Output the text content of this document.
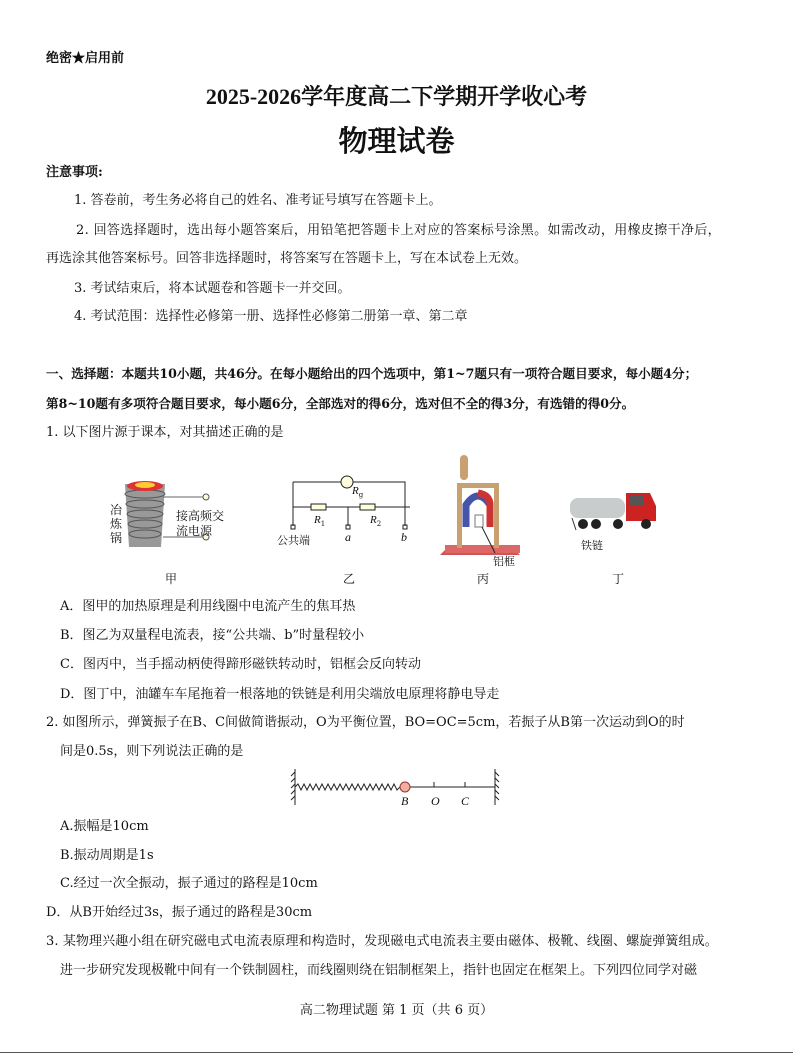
绝密★启用前
2025-2026学年度高二下学期开学收心考
物理试卷
注意事项:
1. 答卷前，考生务必将自己的姓名、准考证号填写在答题卡上。
2. 回答选择题时，选出每小题答案后，用铅笔把答题卡上对应的答案标号涂黑。如需改动，用橡皮擦干净后，
再选涂其他答案标号。回答非选择题时，将答案写在答题卡上，写在本试卷上无效。
3. 考试结束后，将本试题卷和答题卡一并交回。
4. 考试范围：选择性必修第一册、选择性必修第二册第一章、第二章
一、选择题：本题共10小题，共46分。在每小题给出的四个选项中，第1~7题只有一项符合题目要求，每小题4分；
第8~10题有多项符合题目要求，每小题6分，全部选对的得6分，选对但不全的得3分，有选错的得0分。
1. 以下图片源于课本，对其描述正确的是
冶
炼
锅
接高频交
流电源
甲
$R_g$
$R_1$	$R_2$
公共端	a	b
乙
铝框
丙
铁链
丁
A．图甲的加热原理是利用线圈中电流产生的焦耳热
B．图乙为双量程电流表，接“公共端、b”时量程较小
C．图丙中，当手摇动柄使得蹄形磁铁转动时，铝框会反向转动
D．图丁中，油罐车车尾拖着一根落地的铁链是利用尖端放电原理将静电导走
2. 如图所示，弹簧振子在B、C间做简谐振动，O为平衡位置，BO=OC=5cm，若振子从B第一次运动到O的时
间是0.5s，则下列说法正确的是
B O C
A.振幅是10cm
B.振动周期是1s
C.经过一次全振动，振子通过的路程是10cm
D．从B开始经过3s，振子通过的路程是30cm
3. 某物理兴趣小组在研究磁电式电流表原理和构造时，发现磁电式电流表主要由磁体、极靴、线圈、螺旋弹簧组成。
进一步研究发现极靴中间有一个铁制圆柱，而线圈则绕在铝制框架上，指针也固定在框架上。下列四位同学对磁
高二物理试题 第 1 页（共 6 页）
